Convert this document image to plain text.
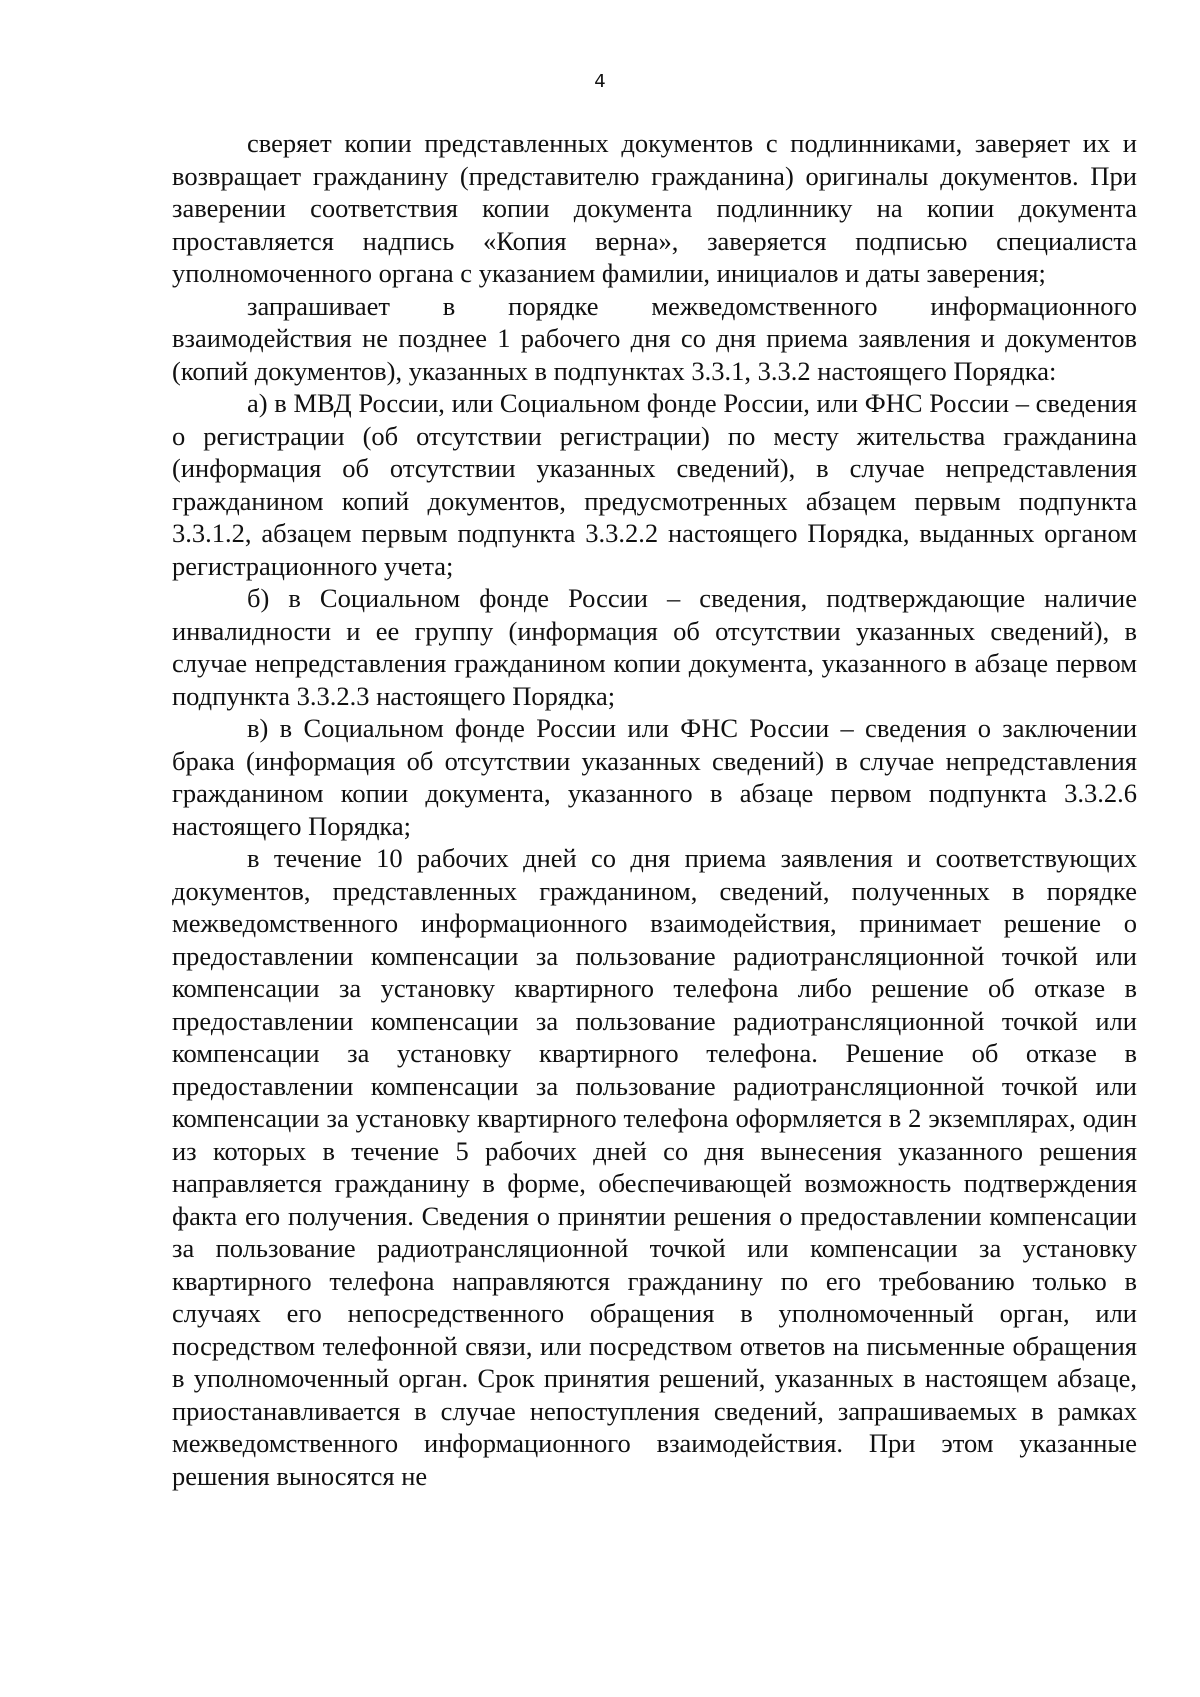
4

сверяет копии представленных документов с подлинниками, заверяет их и возвращает гражданину (представителю гражданина) оригиналы документов. При заверении соответствия копии документа подлиннику на копии документа проставляется надпись «Копия верна», заверяется подписью специалиста уполномоченного органа с указанием фамилии, инициалов и даты заверения;

запрашивает в порядке межведомственного информационного взаимодействия не позднее 1 рабочего дня со дня приема заявления и документов (копий документов), указанных в подпунктах 3.3.1, 3.3.2 настоящего Порядка:

а) в МВД России, или Социальном фонде России, или ФНС России – сведения о регистрации (об отсутствии регистрации) по месту жительства гражданина (информация об отсутствии указанных сведений), в случае непредставления гражданином копий документов, предусмотренных абзацем первым подпункта 3.3.1.2, абзацем первым подпункта 3.3.2.2 настоящего Порядка, выданных органом регистрационного учета;

б) в Социальном фонде России – сведения, подтверждающие наличие инвалидности и ее группу (информация об отсутствии указанных сведений), в случае непредставления гражданином копии документа, указанного в абзаце первом подпункта 3.3.2.3 настоящего Порядка;

в) в Социальном фонде России или ФНС России – сведения о заключении брака (информация об отсутствии указанных сведений) в случае непредставления гражданином копии документа, указанного в абзаце первом подпункта 3.3.2.6 настоящего Порядка;

в течение 10 рабочих дней со дня приема заявления и соответствующих документов, представленных гражданином, сведений, полученных в порядке межведомственного информационного взаимодействия, принимает решение о предоставлении компенсации за пользование радиотрансляционной точкой или компенсации за установку квартирного телефона либо решение об отказе в предоставлении компенсации за пользование радиотрансляционной точкой или компенсации за установку квартирного телефона. Решение об отказе в предоставлении компенсации за пользование радиотрансляционной точкой или компенсации за установку квартирного телефона оформляется в 2 экземплярах, один из которых в течение 5 рабочих дней со дня вынесения указанного решения направляется гражданину в форме, обеспечивающей возможность подтверждения факта его получения. Сведения о принятии решения о предоставлении компенсации за пользование радиотрансляционной точкой или компенсации за установку квартирного телефона направляются гражданину по его требованию только в случаях его непосредственного обращения в уполномоченный орган, или посредством телефонной связи, или посредством ответов на письменные обращения в уполномоченный орган. Срок принятия решений, указанных в настоящем абзаце, приостанавливается в случае непоступления сведений, запрашиваемых в рамках межведомственного информационного взаимодействия. При этом указанные решения выносятся не
